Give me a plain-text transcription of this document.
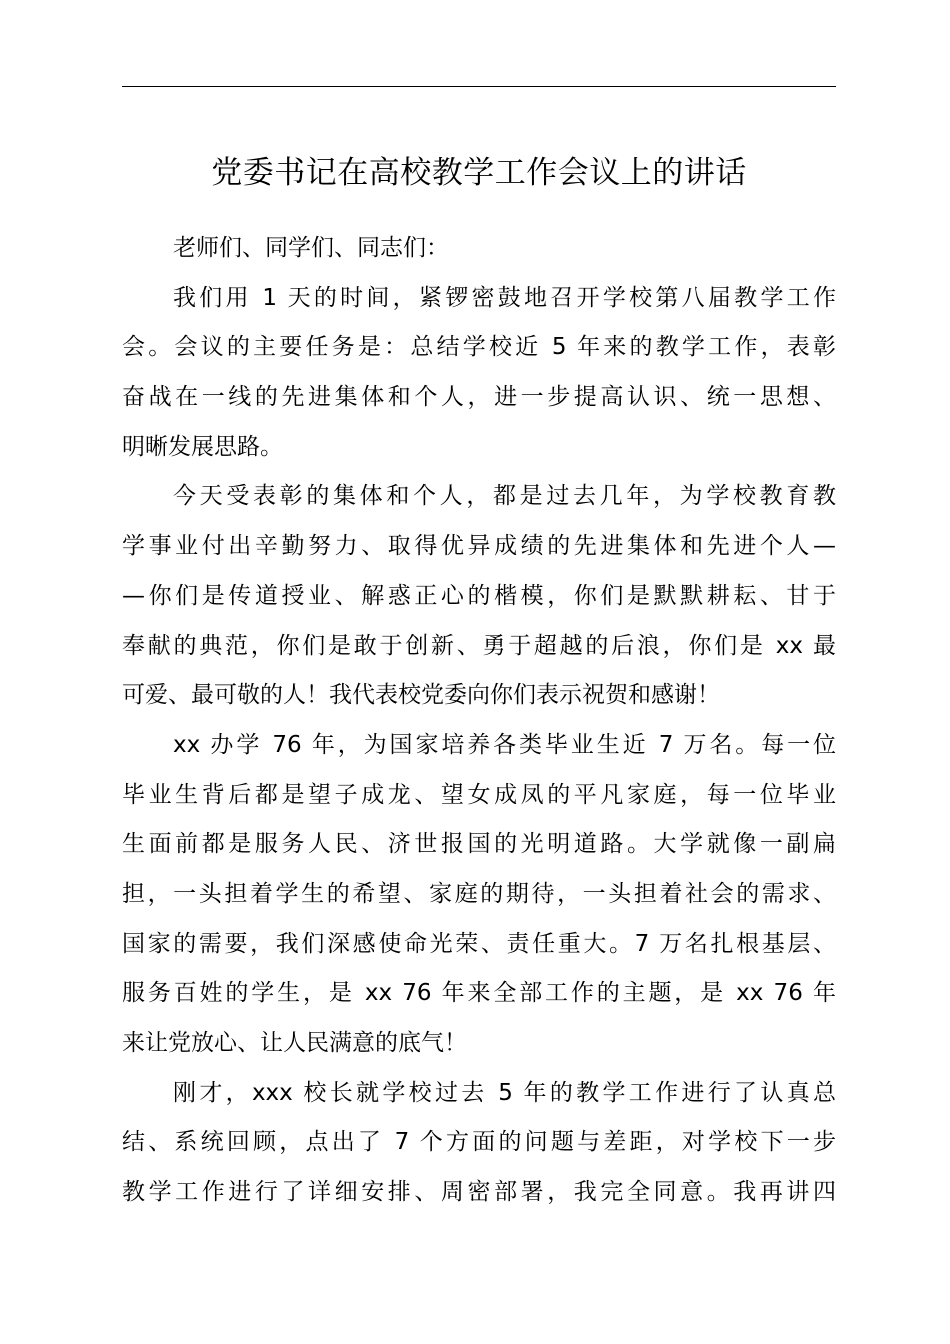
党委书记在高校教学工作会议上的讲话
老师们、同学们、同志们：
我们用 1 天的时间，紧锣密鼓地召开学校第八届教学工作
会。会议的主要任务是：总结学校近 5 年来的教学工作，表彰
奋战在一线的先进集体和个人，进一步提高认识、统一思想、
明晰发展思路。
今天受表彰的集体和个人，都是过去几年，为学校教育教
学事业付出辛勤努力、取得优异成绩的先进集体和先进个人—
—你们是传道授业、解惑正心的楷模，你们是默默耕耘、甘于
奉献的典范，你们是敢于创新、勇于超越的后浪，你们是 xx 最
可爱、最可敬的人！我代表校党委向你们表示祝贺和感谢！
xx 办学 76 年，为国家培养各类毕业生近 7 万名。每一位
毕业生背后都是望子成龙、望女成凤的平凡家庭，每一位毕业
生面前都是服务人民、济世报国的光明道路。大学就像一副扁
担，一头担着学生的希望、家庭的期待，一头担着社会的需求、
国家的需要，我们深感使命光荣、责任重大。7 万名扎根基层、
服务百姓的学生，是 xx 76 年来全部工作的主题，是 xx 76 年
来让党放心、让人民满意的底气！
刚才，xxx 校长就学校过去 5 年的教学工作进行了认真总
结、系统回顾，点出了 7 个方面的问题与差距，对学校下一步
教学工作进行了详细安排、周密部署，我完全同意。我再讲四
